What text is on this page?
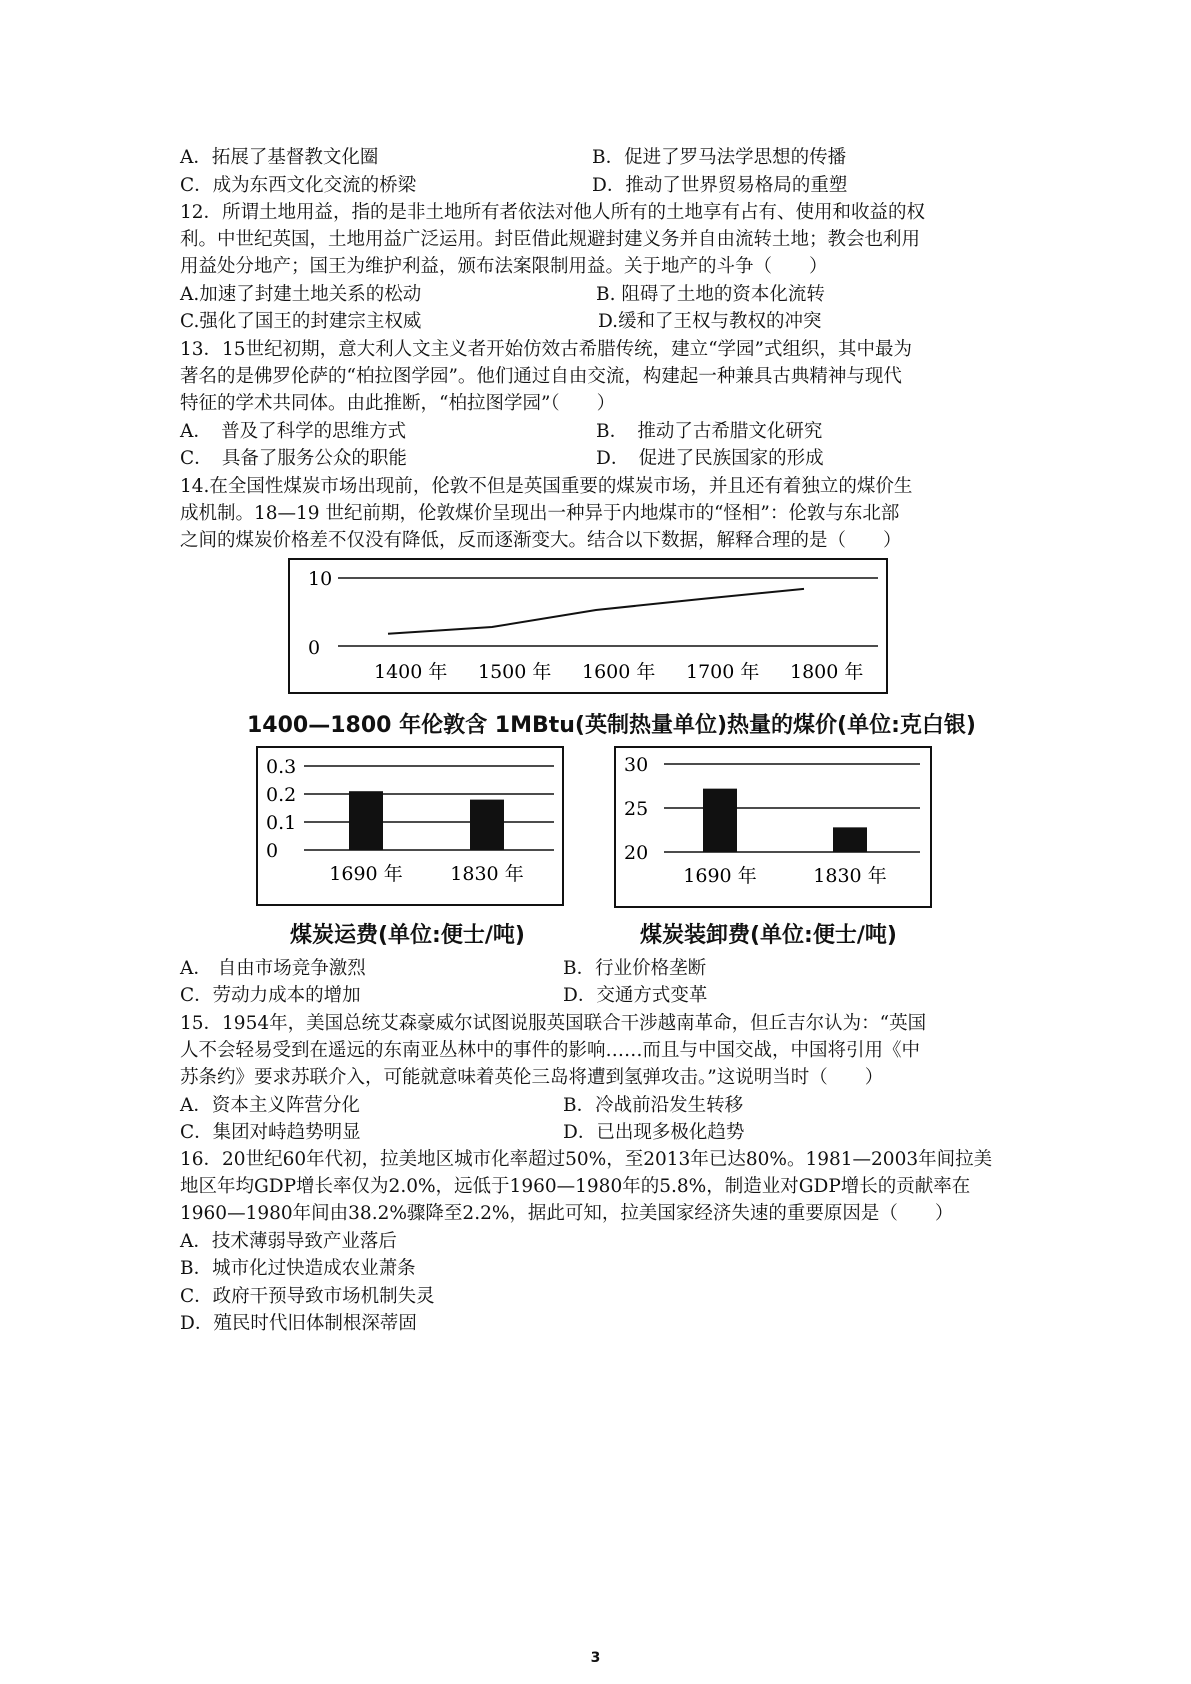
A．拓展了基督教文化圈	B．促进了罗马法学思想的传播
C．成为东西文化交流的桥梁	D．推动了世界贸易格局的重塑
12．所谓土地用益，指的是非土地所有者依法对他人所有的土地享有占有、使用和收益的权
利。中世纪英国，土地用益广泛运用。封臣借此规避封建义务并自由流转土地；教会也利用
用益处分地产；国王为维护利益，颁布法案限制用益。关于地产的斗争（　　）
A.加速了封建土地关系的松动	B. 阻碍了土地的资本化流转
C.强化了国王的封建宗主权威	D.缓和了王权与教权的冲突
13．15世纪初期，意大利人文主义者开始仿效古希腊传统，建立“学园”式组织，其中最为
著名的是佛罗伦萨的“柏拉图学园”。他们通过自由交流，构建起一种兼具古典精神与现代
特征的学术共同体。由此推断，“柏拉图学园”（　　）
A．　普及了科学的思维方式	B．　推动了古希腊文化研究
C．　具备了服务公众的职能	D．　促进了民族国家的形成
14.在全国性煤炭市场出现前，伦敦不但是英国重要的煤炭市场，并且还有着独立的煤价生
成机制。18—19 世纪前期，伦敦煤价呈现出一种异于内地煤市的“怪相”：伦敦与东北部
之间的煤炭价格差不仅没有降低，反而逐渐变大。结合以下数据，解释合理的是（　　）
10
0
1400 年 1500 年 1600 年 1700 年 1800 年
1400—1800 年伦敦含 1MBtu(英制热量单位)热量的煤价(单位:克白银)
0.3
0.2
0.1
0
1690 年	1830 年
煤炭运费(单位:便士/吨)
30
25
20
1690 年	1830 年
煤炭装卸费(单位:便士/吨)
A． 自由市场竞争激烈	B．行业价格垄断
C．劳动力成本的增加	D．交通方式变革
15．1954年，美国总统艾森豪威尔试图说服英国联合干涉越南革命，但丘吉尔认为：“英国
人不会轻易受到在遥远的东南亚丛林中的事件的影响……而且与中国交战，中国将引用《中
苏条约》要求苏联介入，可能就意味着英伦三岛将遭到氢弹攻击。”这说明当时（　　）
A．资本主义阵营分化	B．冷战前沿发生转移
C．集团对峙趋势明显	D．已出现多极化趋势
16．20世纪60年代初，拉美地区城市化率超过50%，至2013年已达80%。1981—2003年间拉美
地区年均GDP增长率仅为2.0%，远低于1960—1980年的5.8%，制造业对GDP增长的贡献率在
1960—1980年间由38.2%骤降至2.2%，据此可知，拉美国家经济失速的重要原因是（　　）
A．技术薄弱导致产业落后
B．城市化过快造成农业萧条
C．政府干预导致市场机制失灵
D．殖民时代旧体制根深蒂固
3
